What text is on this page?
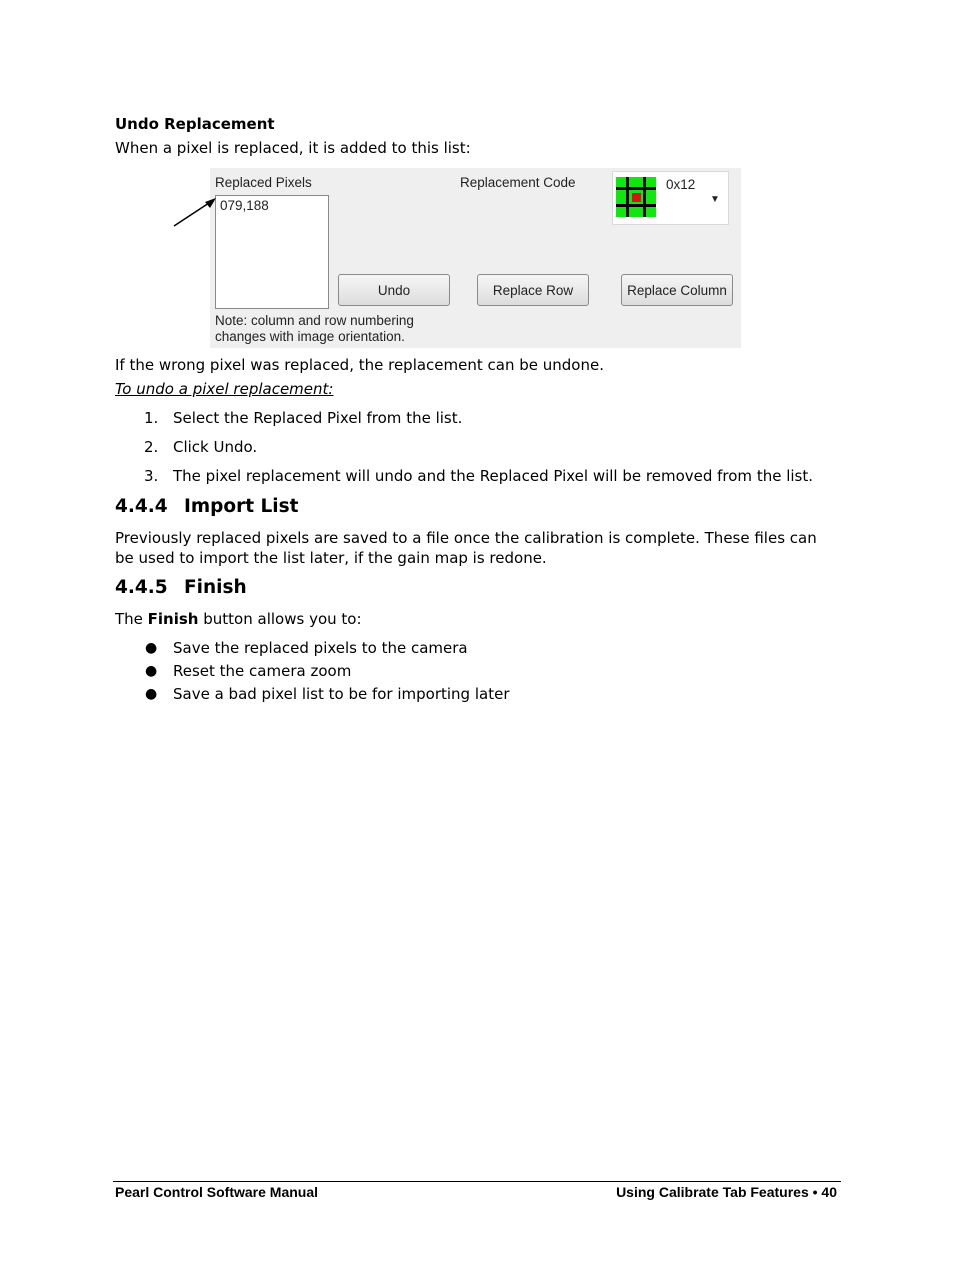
Undo Replacement
When a pixel is replaced, it is added to this list:
Replaced Pixels
079,188
Replacement Code	0x12
▼
Undo	Replace Row	Replace Column
Note: column and row numbering
changes with image orientation.
If the wrong pixel was replaced, the replacement can be undone.
To undo a pixel replacement:
1. Select the Replaced Pixel from the list.
2. Click Undo.
3. The pixel replacement will undo and the Replaced Pixel will be removed from the list.
4.4.4 Import List
Previously replaced pixels are saved to a file once the calibration is complete. These files can be used to import the list later, if the gain map is redone.
4.4.5 Finish
The Finish button allows you to:
● Save the replaced pixels to the camera
● Reset the camera zoom
● Save a bad pixel list to be for importing later
Pearl Control Software Manual	Using Calibrate Tab Features • 40
